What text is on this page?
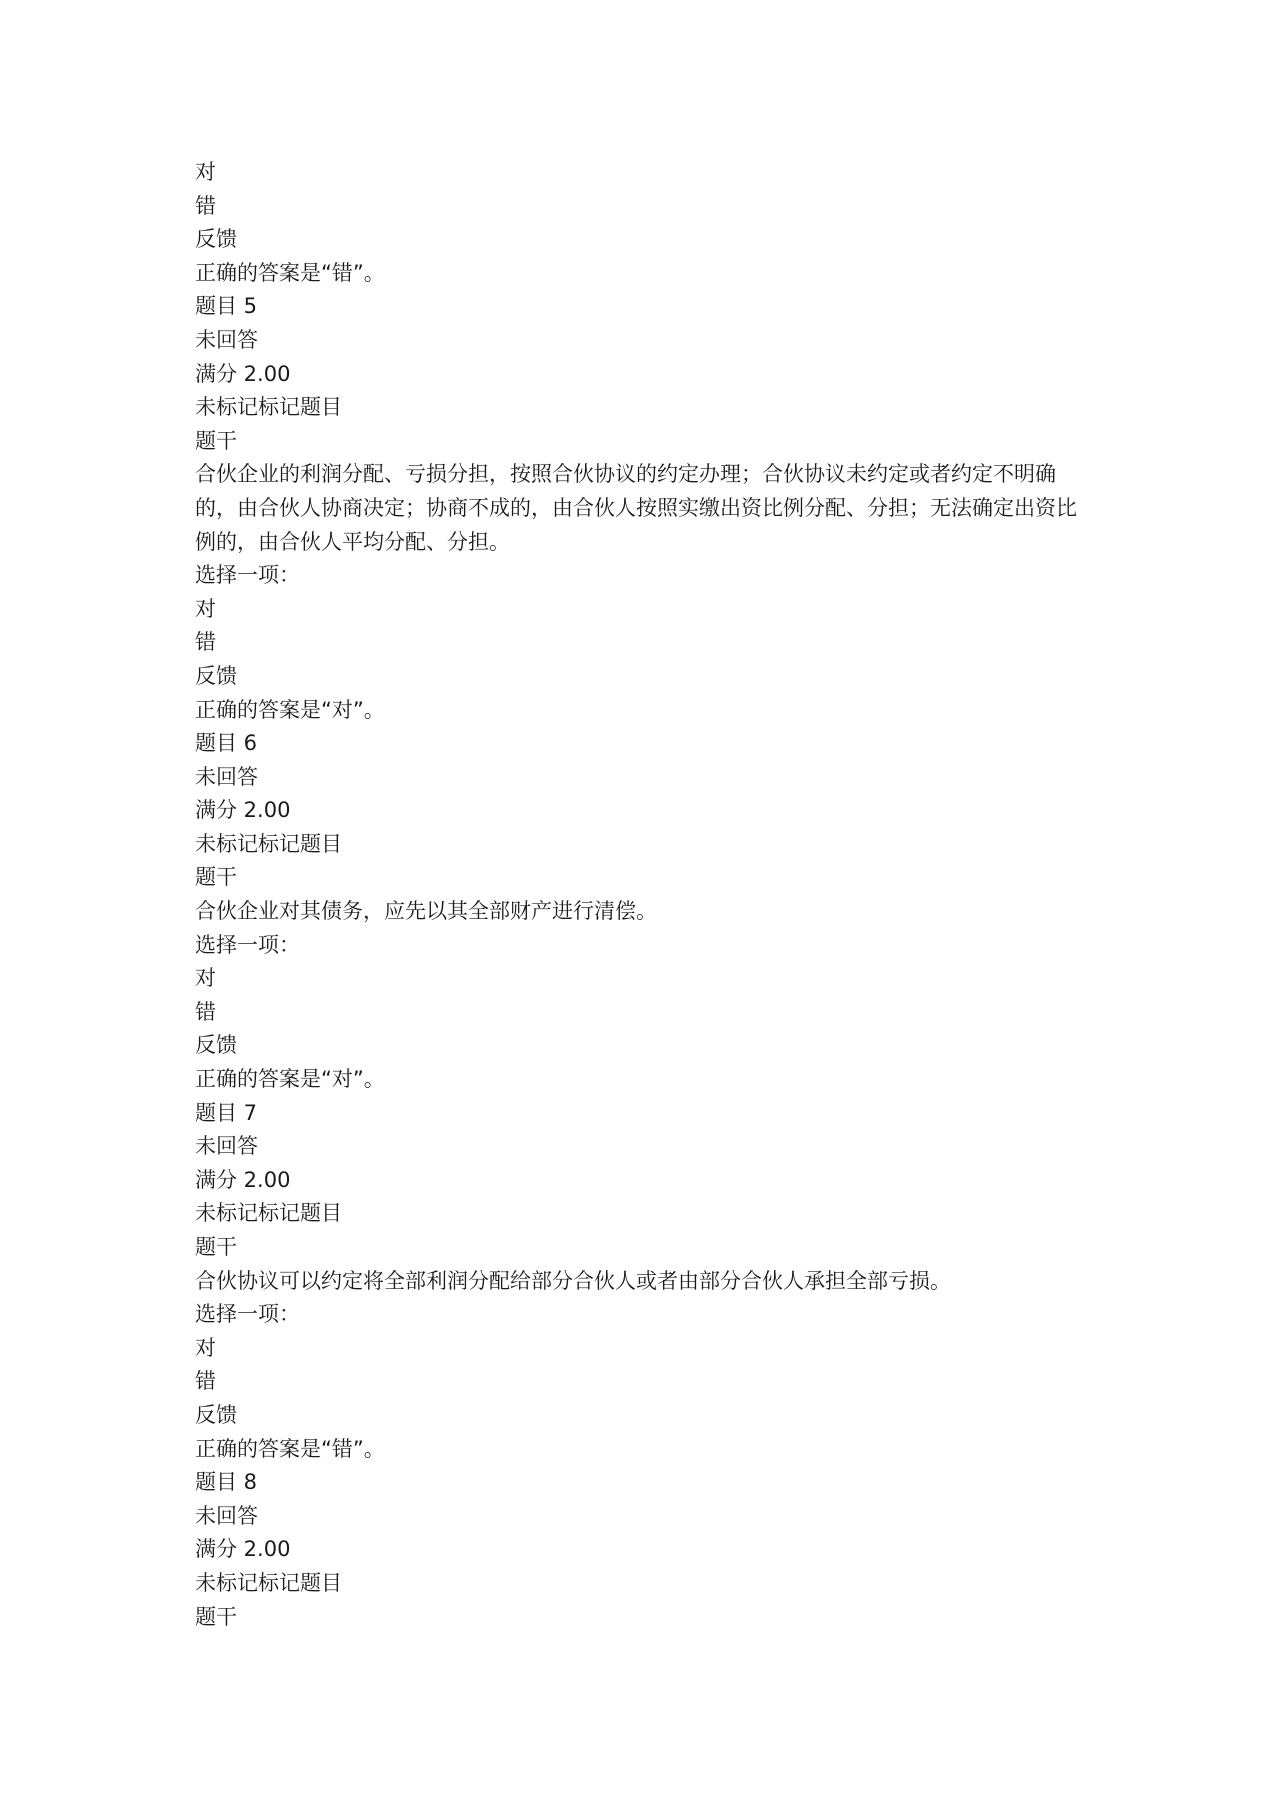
对
错
反馈
正确的答案是“错”。
题目 5
未回答
满分 2.00
未标记标记题目
题干
合伙企业的利润分配、亏损分担，按照合伙协议的约定办理；合伙协议未约定或者约定不明确的，由合伙人协商决定；协商不成的，由合伙人按照实缴出资比例分配、分担；无法确定出资比例的，由合伙人平均分配、分担。
选择一项：
对
错
反馈
正确的答案是“对”。
题目 6
未回答
满分 2.00
未标记标记题目
题干
合伙企业对其债务，应先以其全部财产进行清偿。
选择一项：
对
错
反馈
正确的答案是“对”。
题目 7
未回答
满分 2.00
未标记标记题目
题干
合伙协议可以约定将全部利润分配给部分合伙人或者由部分合伙人承担全部亏损。
选择一项：
对
错
反馈
正确的答案是“错”。
题目 8
未回答
满分 2.00
未标记标记题目
题干
